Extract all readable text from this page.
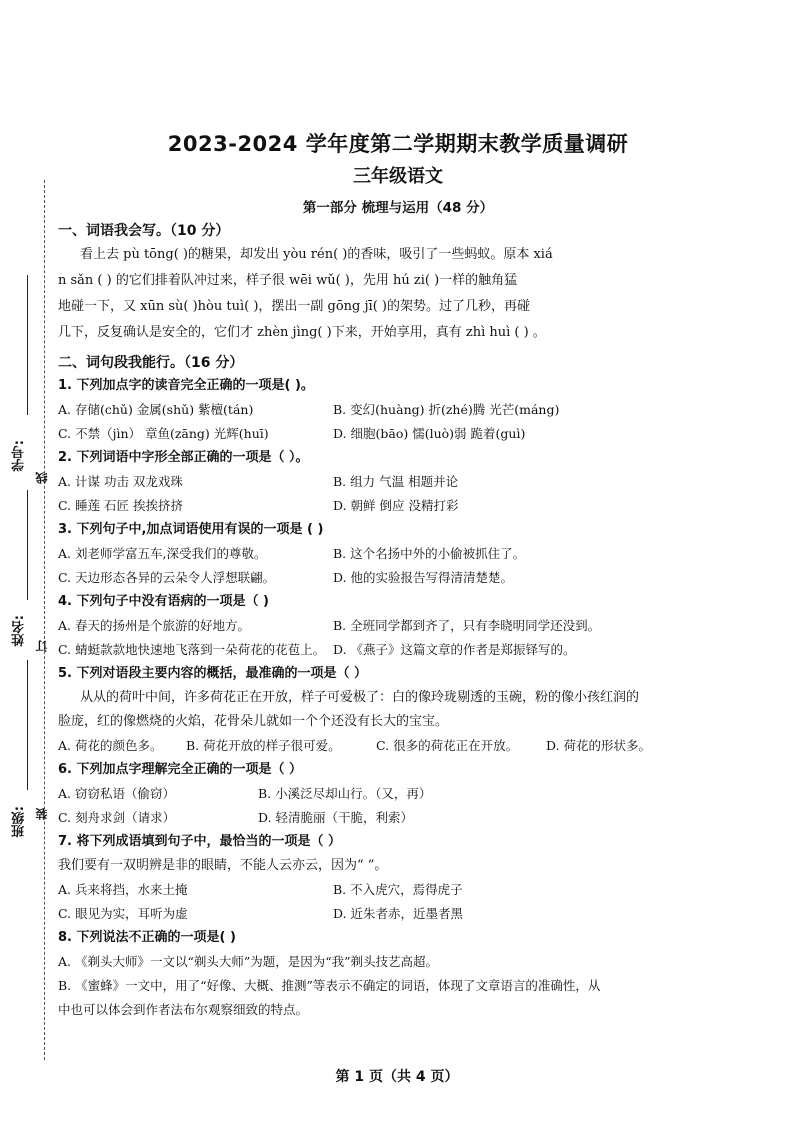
学号:
姓名:
班级:
线
订
装
2023-2024 学年度第二学期期末教学质量调研
三年级语文
第一部分 梳理与运用（48 分）
一、词语我会写。（10 分）

看上去 pù tōng( )的糖果，却发出 yòu rén( )的香味，吸引了一些蚂蚁。原本 xiá

n sǎn ( ) 的它们排着队冲过来，样子很 wēi wǔ( )，先用 hú zi( )一样的触角猛

地碰一下，又 xūn sù( )hòu tuì( )，摆出一副 gōng jī( )的架势。过了几秒，再碰

几下，反复确认是安全的，它们才 zhèn jìng( )下来，开始享用，真有 zhì huì ( ) 。

二、词句段我能行。（16 分）

1. 下列加点字的读音完全正确的一项是( )。

A. 存储(chǔ) 金属(shǔ) 紫檀(tán)	B. 变幻(huàng) 折(zhé)腾 光芒(máng)
C. 不禁（jìn） 章鱼(zāng) 光辉(huī)	D. 细胞(bāo) 懦(luò)弱 跪着(guì)

2. 下列词语中字形全部正确的一项是（ ）。

A. 计谋 功击 双龙戏珠	B. 组力 气温 相题并论
C. 睡莲 石匠 挨挨挤挤	D. 朝鲜 倒应 没精打彩

3. 下列句子中,加点词语使用有误的一项是 ( )

A. 刘老师学富五车,深受我们的尊敬。	B. 这个名扬中外的小偷被抓住了。
C. 天边形态各异的云朵令人浮想联翩。	D. 他的实验报告写得清清楚楚。

4. 下列句子中没有语病的一项是（ )

A. 春天的扬州是个旅游的好地方。	B. 全班同学都到齐了，只有李晓明同学还没到。
C. 蜻蜓款款地快速地飞落到一朵荷花的花苞上。 D. 《燕子》这篇文章的作者是郑振铎写的。

5. 下列对语段主要内容的概括，最准确的一项是（ ）

从从的荷叶中间，许多荷花正在开放，样子可爱极了：白的像玲珑剔透的玉碗，粉的像小孩红润的

脸庞，红的像燃烧的火焰，花骨朵儿就如一个个还没有长大的宝宝。

A. 荷花的颜色多。	B. 荷花开放的样子很可爱。	C. 很多的荷花正在开放。	D. 荷花的形状多。

6. 下列加点字理解完全正确的一项是（ ）

A. 窃窃私语（偷窃）	B. 小溪泛尽却山行。（又，再）
C. 刻舟求剑（请求）	D. 轻清脆丽（干脆，利索）

7. 将下列成语填到句子中，最恰当的一项是（ ）

我们要有一双明辨是非的眼睛，不能人云亦云，因为“ ”。

A. 兵来将挡，水来土掩	B. 不入虎穴，焉得虎子
C. 眼见为实，耳听为虚	D. 近朱者赤，近墨者黑

8. 下列说法不正确的一项是( )

A. 《剃头大师》一文以“剃头大师”为题，是因为“我”剃头技艺高超。

B. 《蜜蜂》一文中，用了“好像、大概、推测”等表示不确定的词语，体现了文章语言的准确性，从

中也可以体会到作者法布尔观察细致的特点。

第 1 页（共 4 页）
